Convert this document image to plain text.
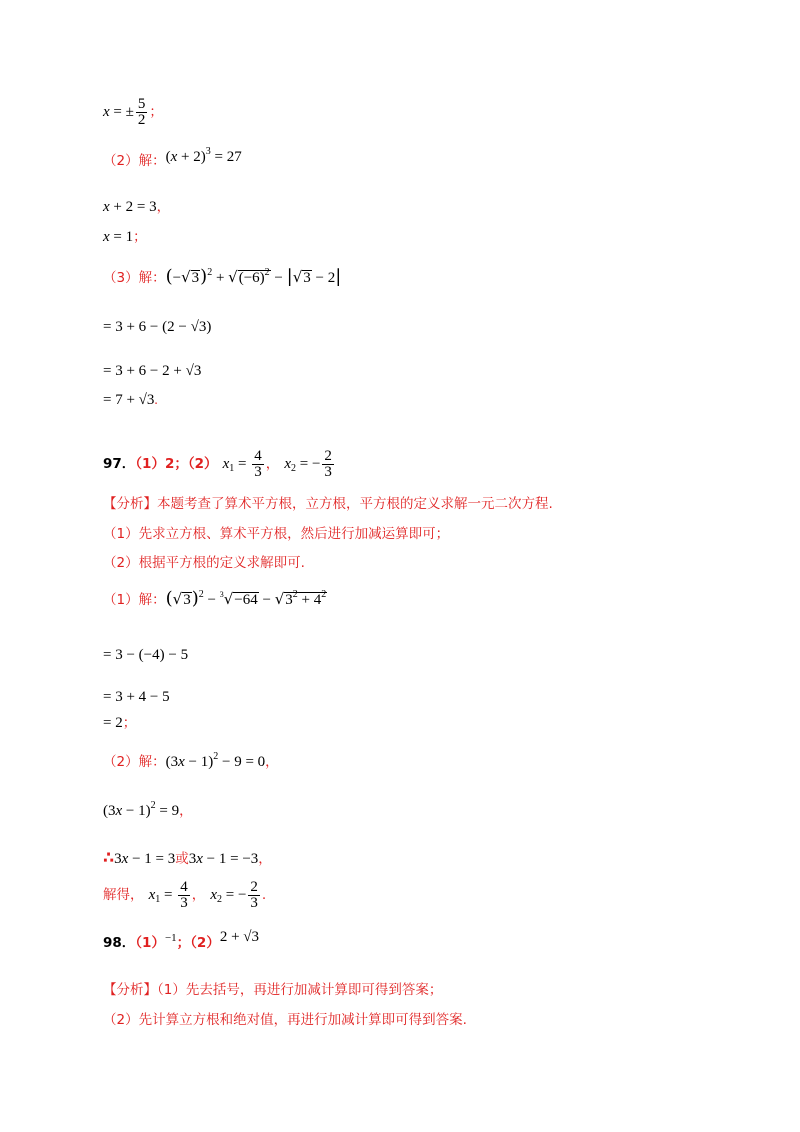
x = ± $\frac{5}{2}$ ；
（2）解：$(x + 2)^3 = 27$
x + 2 = 3，
x = 1；
（3）解：$(-√3)^2 + √(-6)^2 - |√3 - 2|$
= 3 + 6 − (2 − √3)
= 3 + 6 − 2 + √3
= 7 + √3.
97．（1）2；（2） $x_1 = \frac{4}{3}$ ， $x_2$ = − $\frac{2}{3}$
【分析】本题考查了算术平方根，立方根，平方根的定义求解一元二次方程.
（1）先求立方根、算术平方根，然后进行加减运算即可；
（2）根据平方根的定义求解即可.
（1）解：$(√3)^2 - ^3√-64 - √3^2 + 4^2$
= 3 − (−4) − 5
= 3 + 4 − 5
= 2；
（2）解：$(3x - 1)^2 - 9 = 0$，
$(3x - 1)^2 = 9$，
∴3x − 1 = 3或3x − 1 = −3，
解得， $x_1 = \frac{4}{3}$ ， $x_2$ = − $\frac{2}{3}$ .
98．$(1)^{-1}$；（2）2 + √3
【分析】（1）先去括号，再进行加减计算即可得到答案；
（2）先计算立方根和绝对值，再进行加减计算即可得到答案.
